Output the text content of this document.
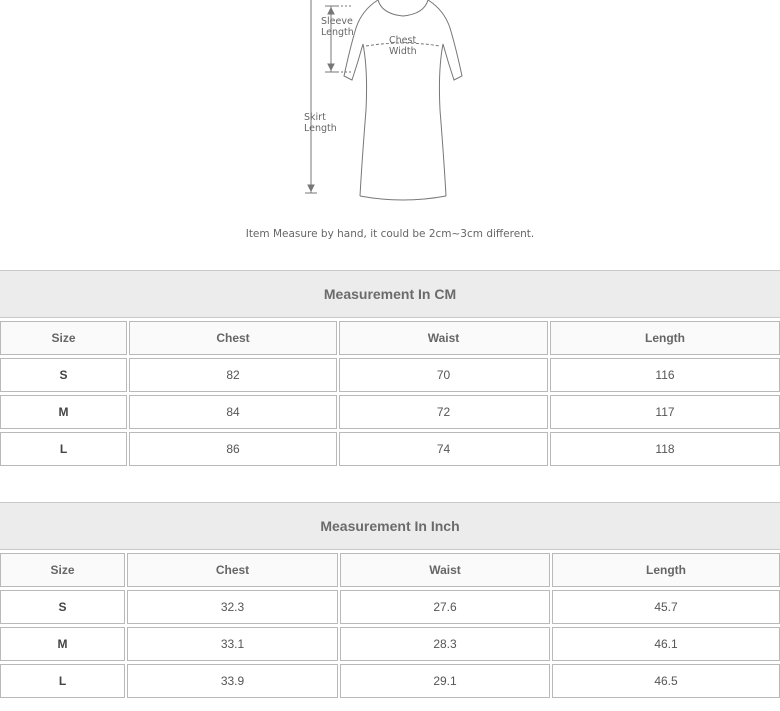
Sleeve
Length
Chest
Width
Skirt
Length
Item Measure by hand, it could be 2cm~3cm different.
Measurement In CM
Size	Chest	Waist	Length
S	82	70	116
M	84	72	117
L	86	74	118
Measurement In Inch
Size	Chest	Waist	Length
S	32.3	27.6	45.7
M	33.1	28.3	46.1
L	33.9	29.1	46.5
